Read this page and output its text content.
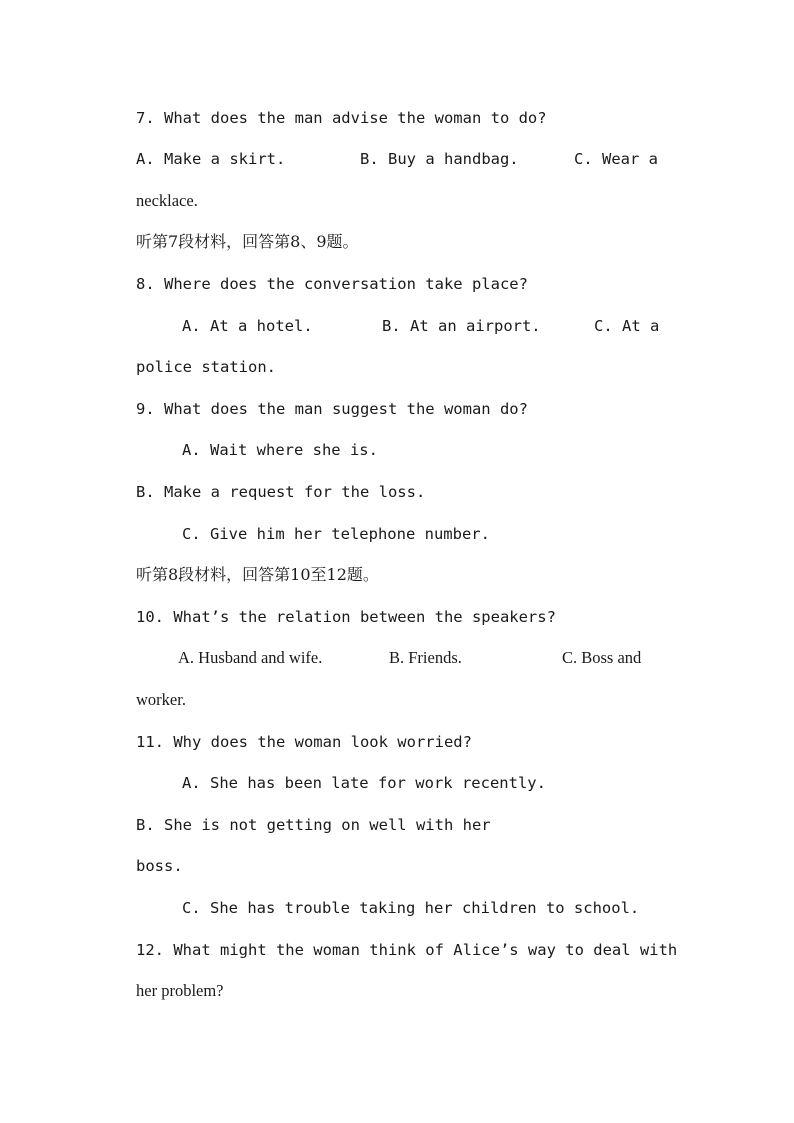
7. What does the man advise the woman to do?

A. Make a skirt.

	B. Buy a handbag.

	C. Wear a

necklace.
听第7段材料，回答第8、9题。
8. Where does the conversation take place?

A. At a hotel.

	B. At an airport.

	C. At a

police station.
9. What does the man suggest the woman do?
A. Wait where she is.
B. Make a request for the loss.
C. Give him her telephone number.
听第8段材料，回答第10至12题。
10. What’s the relation between the speakers?

A. Husband and wife.

	B. Friends.

	C. Boss and

worker.
11. Why does the woman look worried?
A. She has been late for work recently.
B. She is not getting on well with her
boss.
C. She has trouble taking her children to school.
12. What might the woman think of Alice’s way to deal with
her problem?
